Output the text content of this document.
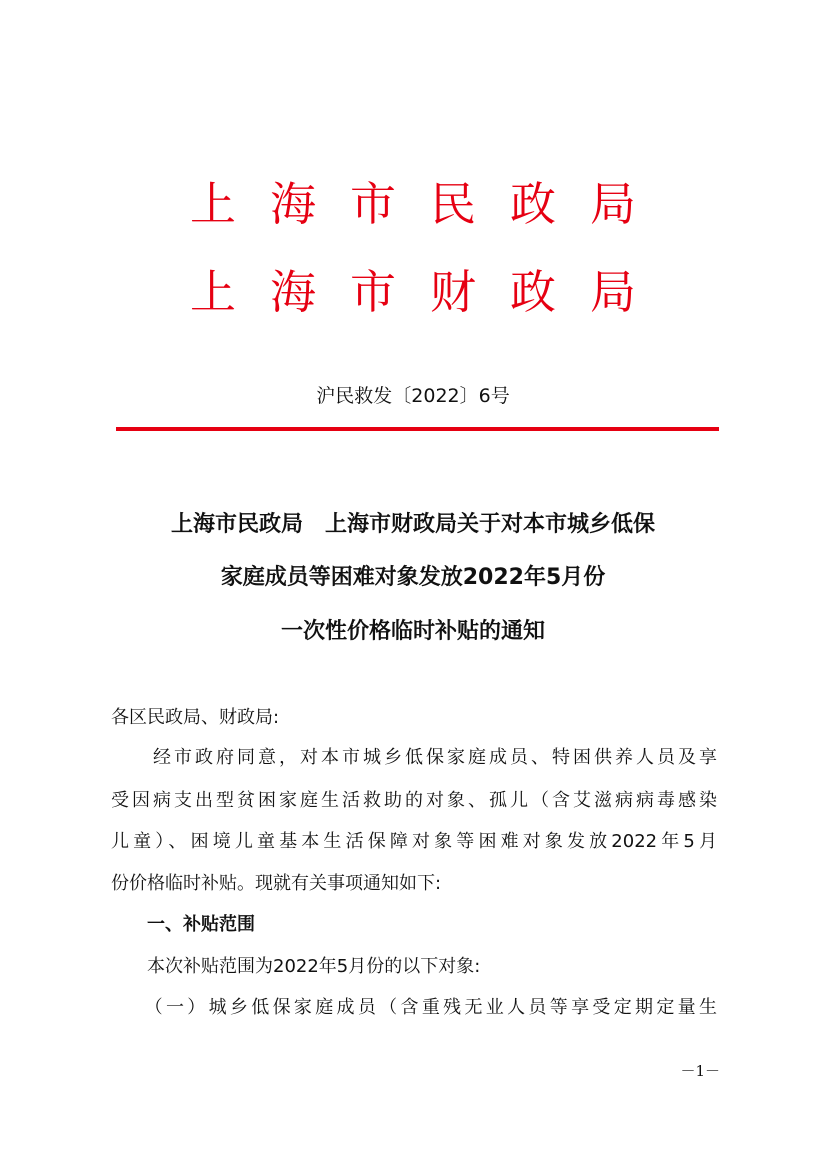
上海市民政局
上海市财政局
沪民救发〔2022〕6号
上海市民政局　上海市财政局关于对本市城乡低保
家庭成员等困难对象发放2022年5月份
一次性价格临时补贴的通知
各区民政局、财政局:
　　经市政府同意，对本市城乡低保家庭成员、特困供养人员及享
受因病支出型贫困家庭生活救助的对象、孤儿（含艾滋病病毒感染
儿童）、困境儿童基本生活保障对象等困难对象发放2022年5月
份价格临时补贴。现就有关事项通知如下:
　　一、补贴范围
　　本次补贴范围为2022年5月份的以下对象:
　　（一）城乡低保家庭成员（含重残无业人员等享受定期定量生
－1－
